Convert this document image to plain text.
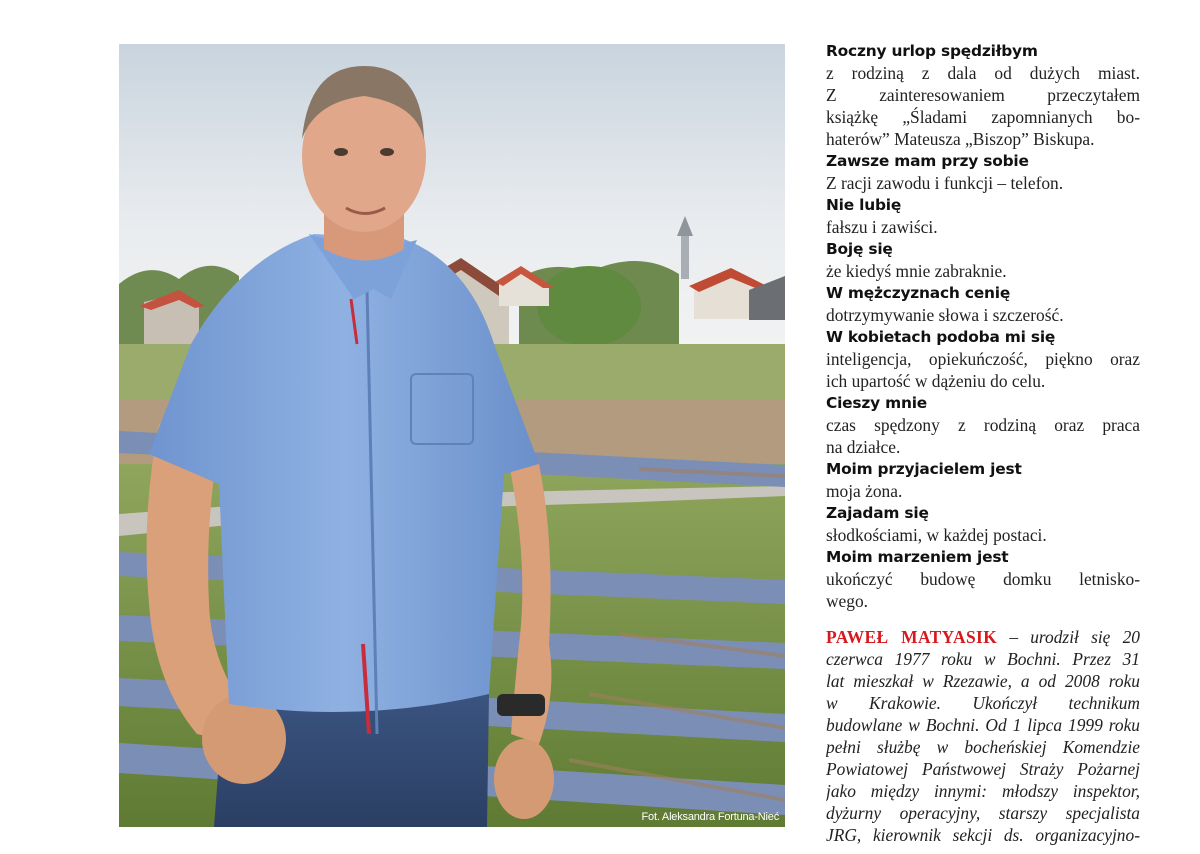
Fot. Aleksandra Fortuna-Nieć
Roczny urlop spędziłbym
z rodziną z dala od dużych miast.
Z zainteresowaniem przeczytałem
książkę „Śladami zapomnianych bo-
haterów” Mateusza „Biszop” Biskupa.
Zawsze mam przy sobie
Z racji zawodu i funkcji – telefon.
Nie lubię
fałszu i zawiści.
Boję się
że kiedyś mnie zabraknie.
W mężczyznach cenię
dotrzymywanie słowa i szczerość.
W kobietach podoba mi się
inteligencja, opiekuńczość, piękno oraz
ich upartość w dążeniu do celu.
Cieszy mnie
czas spędzony z rodziną oraz praca
na działce.
Moim przyjacielem jest
moja żona.
Zajadam się
słodkościami, w każdej postaci.
Moim marzeniem jest
ukończyć budowę domku letnisko-
wego.
PAWEŁ MATYASIK – urodził się 20
czerwca 1977 roku w Bochni. Przez 31
lat mieszkał w Rzezawie, a od 2008 roku
w Krakowie. Ukończył technikum
budowlane w Bochni. Od 1 lipca 1999 roku
pełni służbę w bocheńskiej Komendzie
Powiatowej Państwowej Straży Pożarnej
jako między innymi: młodszy inspektor,
dyżurny operacyjny, starszy specjalista
JRG, kierownik sekcji ds. organizacyjno-
